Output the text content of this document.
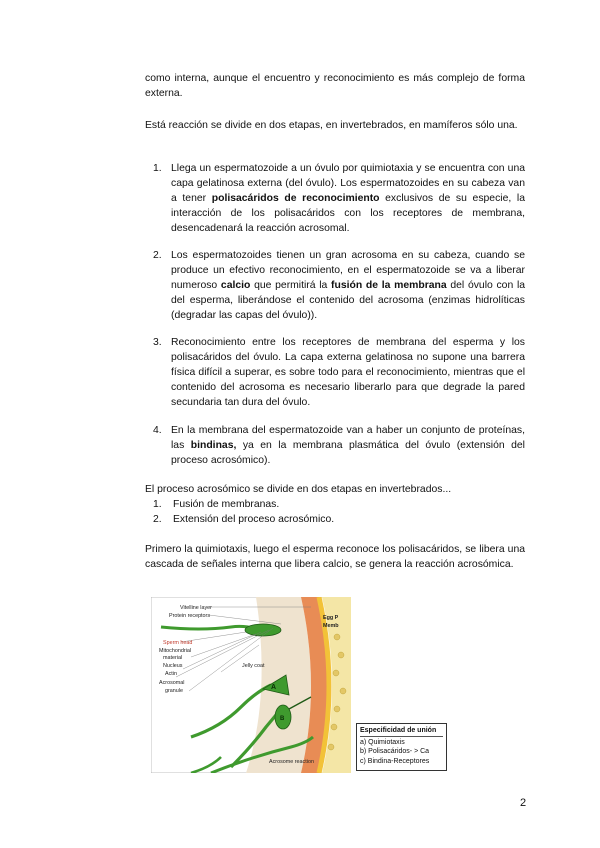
como interna, aunque el encuentro y reconocimiento es más complejo de forma externa.

Está reacción se divide en dos etapas, en invertebrados, en mamíferos sólo una.

1. Llega un espermatozoide a un óvulo por quimiotaxia y se encuentra con una capa gelatinosa externa (del óvulo). Los espermatozoides en su cabeza van a tener polisacáridos de reconocimiento exclusivos de su especie, la interacción de los polisacáridos con los receptores de membrana, desencadenará la reacción acrosomal.
2. Los espermatozoides tienen un gran acrosoma en su cabeza, cuando se produce un efectivo reconocimiento, en el espermatozoide se va a liberar numeroso calcio que permitirá la fusión de la membrana del óvulo con la del esperma, liberándose el contenido del acrosoma (enzimas hidrolíticas (degradar las capas del óvulo)).
3. Reconocimiento entre los receptores de membrana del esperma y los polisacáridos del óvulo. La capa externa gelatinosa no supone una barrera física difícil a superar, es sobre todo para el reconocimiento, mientras que el contenido del acrosoma es necesario liberarlo para que degrade la pared secundaria tan dura del óvulo.
4. En la membrana del espermatozoide van a haber un conjunto de proteínas, las bindinas, ya en la membrana plasmática del óvulo (extensión del proceso acrosómico).
El proceso acrosómico se divide en dos etapas en invertebrados...
1. Fusión de membranas.
2. Extensión del proceso acrosómico.

Primero la quimiotaxis, luego el esperma reconoce los polisacáridos, se libera una cascada de señales interna que libera calcio, se genera la reacción acrosómica.

Vitelline layer
Protein receptors
Sperm head
Mitochondrial
material
Nucleus
Actin
Acrosomal
granule
Jelly coat
Egg P
Memb
Acrosome reaction
A
B
Especificidad de unión
a) Quimiotaxis
b) Polisacáridos- > Ca
c) Bindina-Receptores
2
